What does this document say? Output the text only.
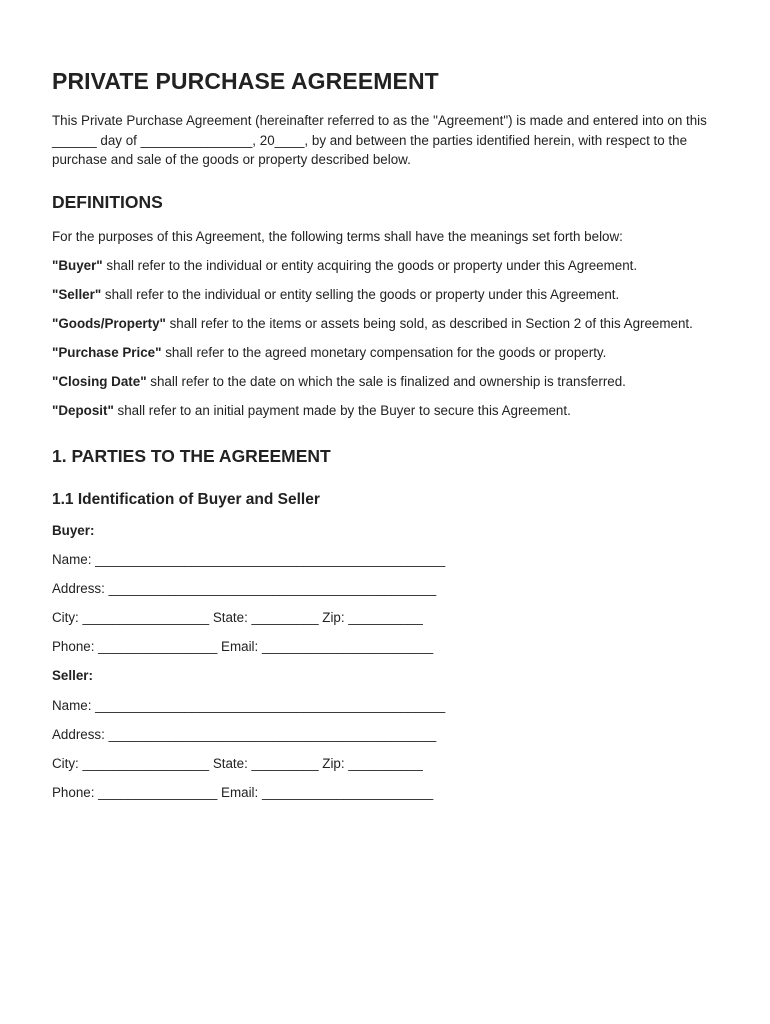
PRIVATE PURCHASE AGREEMENT

This Private Purchase Agreement (hereinafter referred to as the "Agreement") is made and entered into on this ______ day of _______________, 20____, by and between the parties identified herein, with respect to the purchase and sale of the goods or property described below.

DEFINITIONS

For the purposes of this Agreement, the following terms shall have the meanings set forth below:

"Buyer" shall refer to the individual or entity acquiring the goods or property under this Agreement.

"Seller" shall refer to the individual or entity selling the goods or property under this Agreement.

"Goods/Property" shall refer to the items or assets being sold, as described in Section 2 of this Agreement.

"Purchase Price" shall refer to the agreed monetary compensation for the goods or property.

"Closing Date" shall refer to the date on which the sale is finalized and ownership is transferred.

"Deposit" shall refer to an initial payment made by the Buyer to secure this Agreement.

1. PARTIES TO THE AGREEMENT
1.1 Identification of Buyer and Seller

Buyer:

Name: _______________________________________________

Address: ____________________________________________

City: _________________ State: _________ Zip: __________

Phone: ________________ Email: _______________________

Seller:

Name: _______________________________________________

Address: ____________________________________________

City: _________________ State: _________ Zip: __________

Phone: ________________ Email: _______________________
